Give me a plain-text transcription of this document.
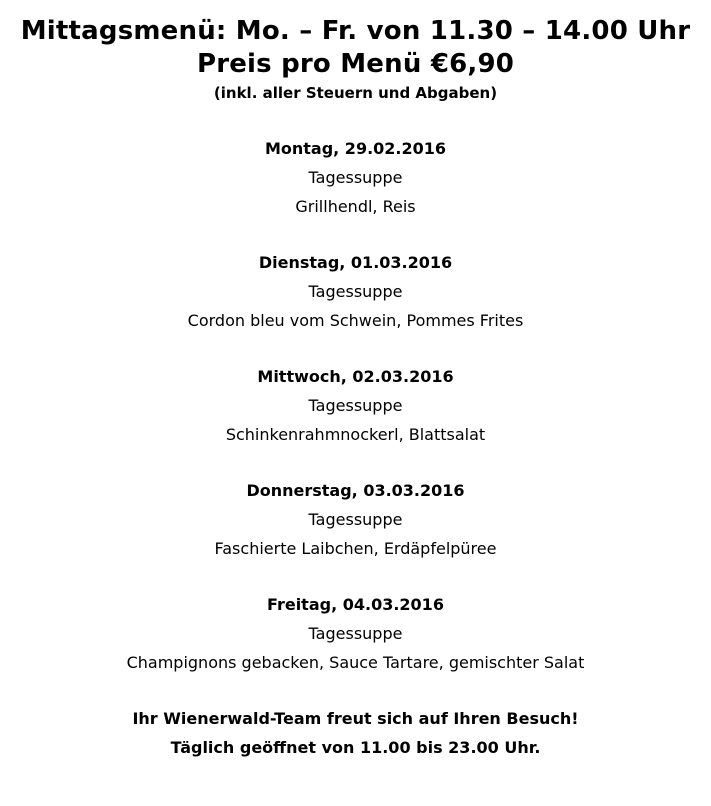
Mittagsmenü: Mo. – Fr. von 11.30 – 14.00 Uhr
Preis pro Menü €6,90
(inkl. aller Steuern und Abgaben)
Montag, 29.02.2016
Tagessuppe
Grillhendl, Reis
Dienstag, 01.03.2016
Tagessuppe
Cordon bleu vom Schwein, Pommes Frites
Mittwoch, 02.03.2016
Tagessuppe
Schinkenrahmnockerl, Blattsalat
Donnerstag, 03.03.2016
Tagessuppe
Faschierte Laibchen, Erdäpfelpüree
Freitag, 04.03.2016
Tagessuppe
Champignons gebacken, Sauce Tartare, gemischter Salat
Ihr Wienerwald-Team freut sich auf Ihren Besuch!
Täglich geöffnet von 11.00 bis 23.00 Uhr.
